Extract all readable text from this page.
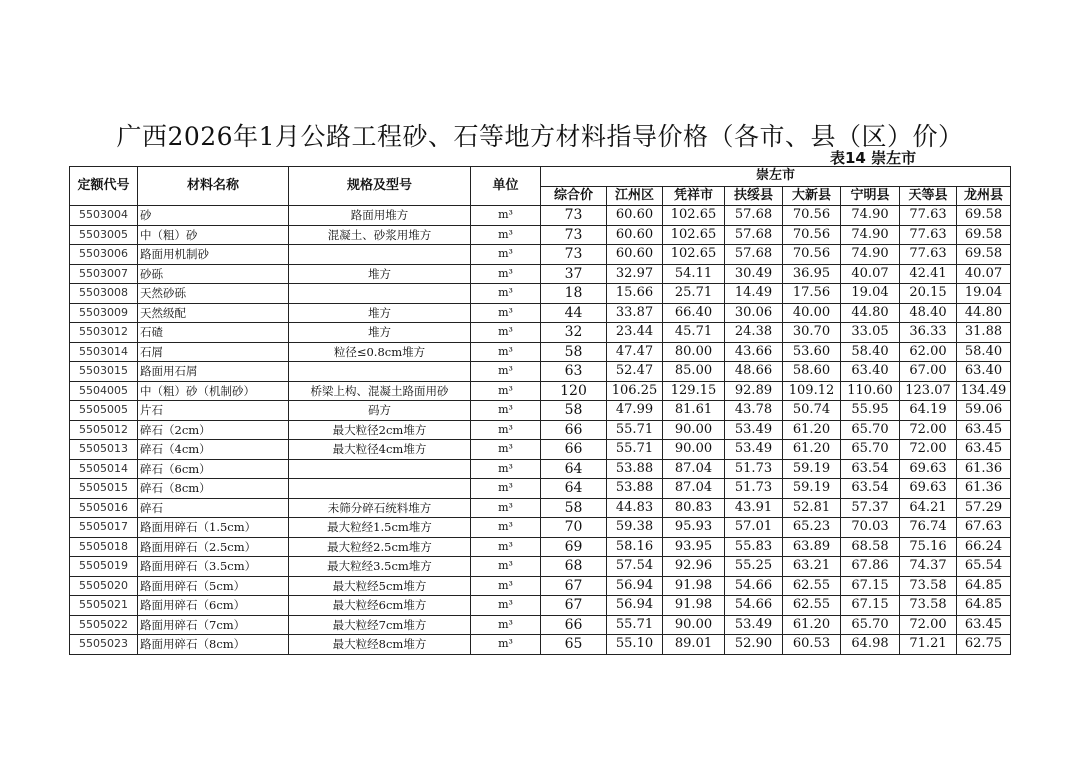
广西2026年1月公路工程砂、石等地方材料指导价格（各市、县（区）价）
表14 崇左市
定额代号	材料名称	规格及型号	单位	崇左市							
				综合价	江州区	凭祥市	扶绥县	大新县	宁明县	天等县	龙州县
5503004	砂	路面用堆方	m³	73	60.60	102.65	57.68	70.56	74.90	77.63	69.58
5503005	中（粗）砂	混凝土、砂浆用堆方	m³	73	60.60	102.65	57.68	70.56	74.90	77.63	69.58
5503006	路面用机制砂		m³	73	60.60	102.65	57.68	70.56	74.90	77.63	69.58
5503007	砂砾	堆方	m³	37	32.97	54.11	30.49	36.95	40.07	42.41	40.07
5503008	天然砂砾		m³	18	15.66	25.71	14.49	17.56	19.04	20.15	19.04
5503009	天然级配	堆方	m³	44	33.87	66.40	30.06	40.00	44.80	48.40	44.80
5503012	石碴	堆方	m³	32	23.44	45.71	24.38	30.70	33.05	36.33	31.88
5503014	石屑	粒径≤0.8cm堆方	m³	58	47.47	80.00	43.66	53.60	58.40	62.00	58.40
5503015	路面用石屑		m³	63	52.47	85.00	48.66	58.60	63.40	67.00	63.40
5504005	中（粗）砂（机制砂）	桥梁上构、混凝土路面用砂	m³	120	106.25	129.15	92.89	109.12	110.60	123.07	134.49
5505005	片石	码方	m³	58	47.99	81.61	43.78	50.74	55.95	64.19	59.06
5505012	碎石（2cm）	最大粒径2cm堆方	m³	66	55.71	90.00	53.49	61.20	65.70	72.00	63.45
5505013	碎石（4cm）	最大粒径4cm堆方	m³	66	55.71	90.00	53.49	61.20	65.70	72.00	63.45
5505014	碎石（6cm）		m³	64	53.88	87.04	51.73	59.19	63.54	69.63	61.36
5505015	碎石（8cm）		m³	64	53.88	87.04	51.73	59.19	63.54	69.63	61.36
5505016	碎石	未筛分碎石统料堆方	m³	58	44.83	80.83	43.91	52.81	57.37	64.21	57.29
5505017	路面用碎石（1.5cm）	最大粒经1.5cm堆方	m³	70	59.38	95.93	57.01	65.23	70.03	76.74	67.63
5505018	路面用碎石（2.5cm）	最大粒经2.5cm堆方	m³	69	58.16	93.95	55.83	63.89	68.58	75.16	66.24
5505019	路面用碎石（3.5cm）	最大粒经3.5cm堆方	m³	68	57.54	92.96	55.25	63.21	67.86	74.37	65.54
5505020	路面用碎石（5cm）	最大粒经5cm堆方	m³	67	56.94	91.98	54.66	62.55	67.15	73.58	64.85
5505021	路面用碎石（6cm）	最大粒经6cm堆方	m³	67	56.94	91.98	54.66	62.55	67.15	73.58	64.85
5505022	路面用碎石（7cm）	最大粒经7cm堆方	m³	66	55.71	90.00	53.49	61.20	65.70	72.00	63.45
5505023	路面用碎石（8cm）	最大粒经8cm堆方	m³	65	55.10	89.01	52.90	60.53	64.98	71.21	62.75
